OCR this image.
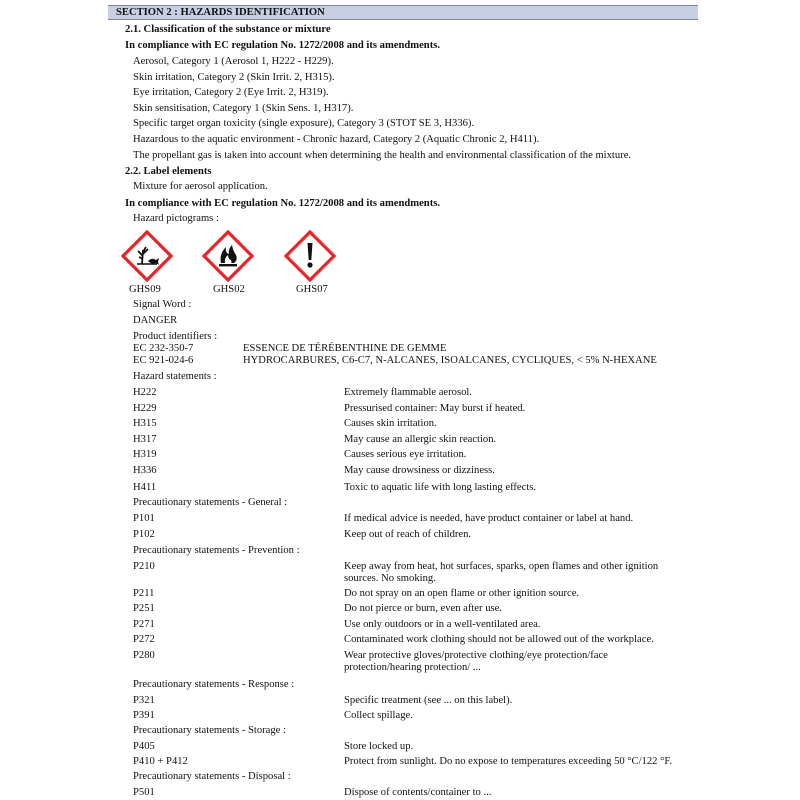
SECTION 2 : HAZARDS IDENTIFICATION
2.1. Classification of the substance or mixture
In compliance with EC regulation No. 1272/2008 and its amendments.
Aerosol, Category 1 (Aerosol 1, H222 - H229).
Skin irritation, Category 2 (Skin Irrit. 2, H315).
Eye irritation, Category 2 (Eye Irrit. 2, H319).
Skin sensitisation, Category 1 (Skin Sens. 1, H317).
Specific target organ toxicity (single exposure), Category 3 (STOT SE 3, H336).
Hazardous to the aquatic environment - Chronic hazard, Category 2 (Aquatic Chronic 2, H411).
The propellant gas is taken into account when determining the health and environmental classification of the mixture.
2.2. Label elements
Mixture for aerosol application.
In compliance with EC regulation No. 1272/2008 and its amendments.
Hazard pictograms :
GHS09	GHS02	GHS07
Signal Word :
DANGER
Product identifiers :
EC 232-350-7	ESSENCE DE TÉRÉBENTHINE DE GEMME
EC 921-024-6	HYDROCARBURES, C6-C7, N-ALCANES, ISOALCANES, CYCLIQUES, < 5% N-HEXANE
Hazard statements :
H222	Extremely flammable aerosol.
H229	Pressurised container: May burst if heated.
H315	Causes skin irritation.
H317	May cause an allergic skin reaction.
H319	Causes serious eye irritation.
H336	May cause drowsiness or dizziness.
H411	Toxic to aquatic life with long lasting effects.
Precautionary statements - General :
P101	If medical advice is needed, have product container or label at hand.
P102	Keep out of reach of children.
Precautionary statements - Prevention :
P210	Keep away from heat, hot surfaces, sparks, open flames and other ignition
sources. No smoking.
P211	Do not spray on an open flame or other ignition source.
P251	Do not pierce or burn, even after use.
P271	Use only outdoors or in a well-ventilated area.
P272	Contaminated work clothing should not be allowed out of the workplace.
P280	Wear protective gloves/protective clothing/eye protection/face
protection/hearing protection/ ...
Precautionary statements - Response :
P321	Specific treatment (see ... on this label).
P391	Collect spillage.
Precautionary statements - Storage :
P405	Store locked up.
P410 + P412	Protect from sunlight. Do no expose to temperatures exceeding 50 °C/122 °F.
Precautionary statements - Disposal :
P501	Dispose of contents/container to ...
